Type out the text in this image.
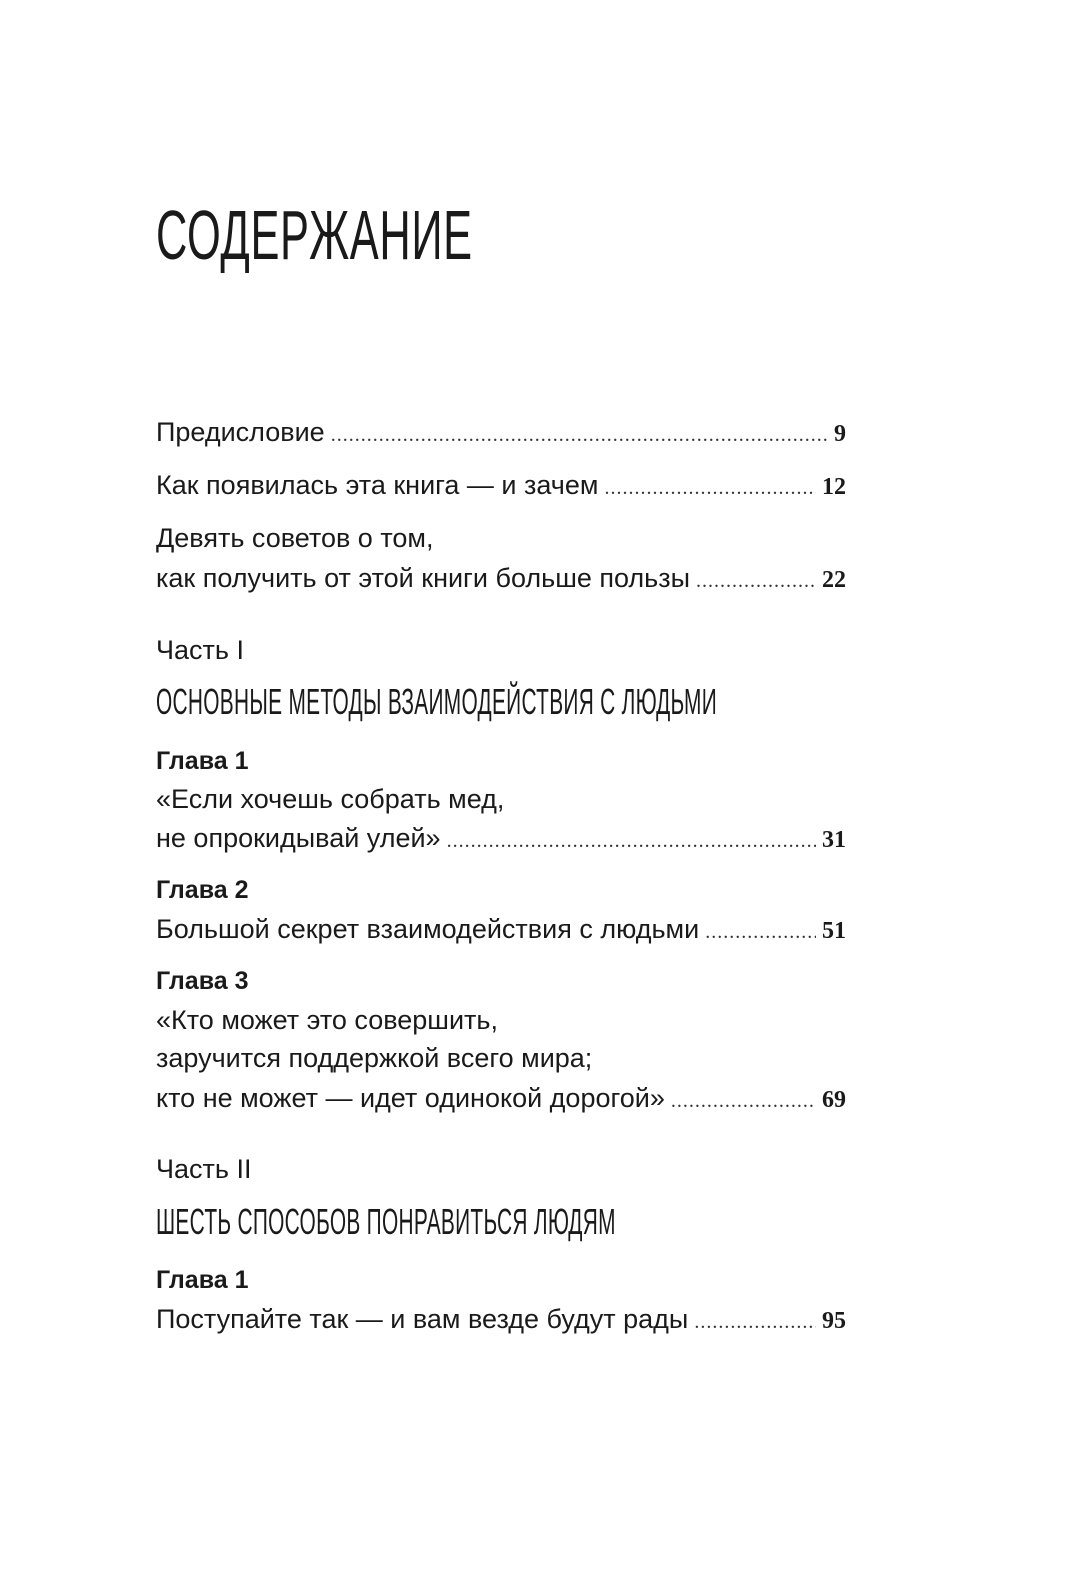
СОДЕРЖАНИЕ
Предисловие .....	9
Как появилась эта книга — и зачем .....	12
Девять советов о том,
как получить от этой книги больше пользы .....	22
Часть I
ОСНОВНЫЕ МЕТОДЫ ВЗАИМОДЕЙСТВИЯ С ЛЮДЬМИ
Глава 1
«Если хочешь собрать мед,
не опрокидывай улей» .....	31
Глава 2
Большой секрет взаимодействия с людьми .....	51
Глава 3
«Кто может это совершить,
заручится поддержкой всего мира;
кто не может — идет одинокой дорогой» .....	69
Часть II
ШЕСТЬ СПОСОБОВ ПОНРАВИТЬСЯ ЛЮДЯМ
Глава 1
Поступайте так — и вам везде будут рады .....	95
